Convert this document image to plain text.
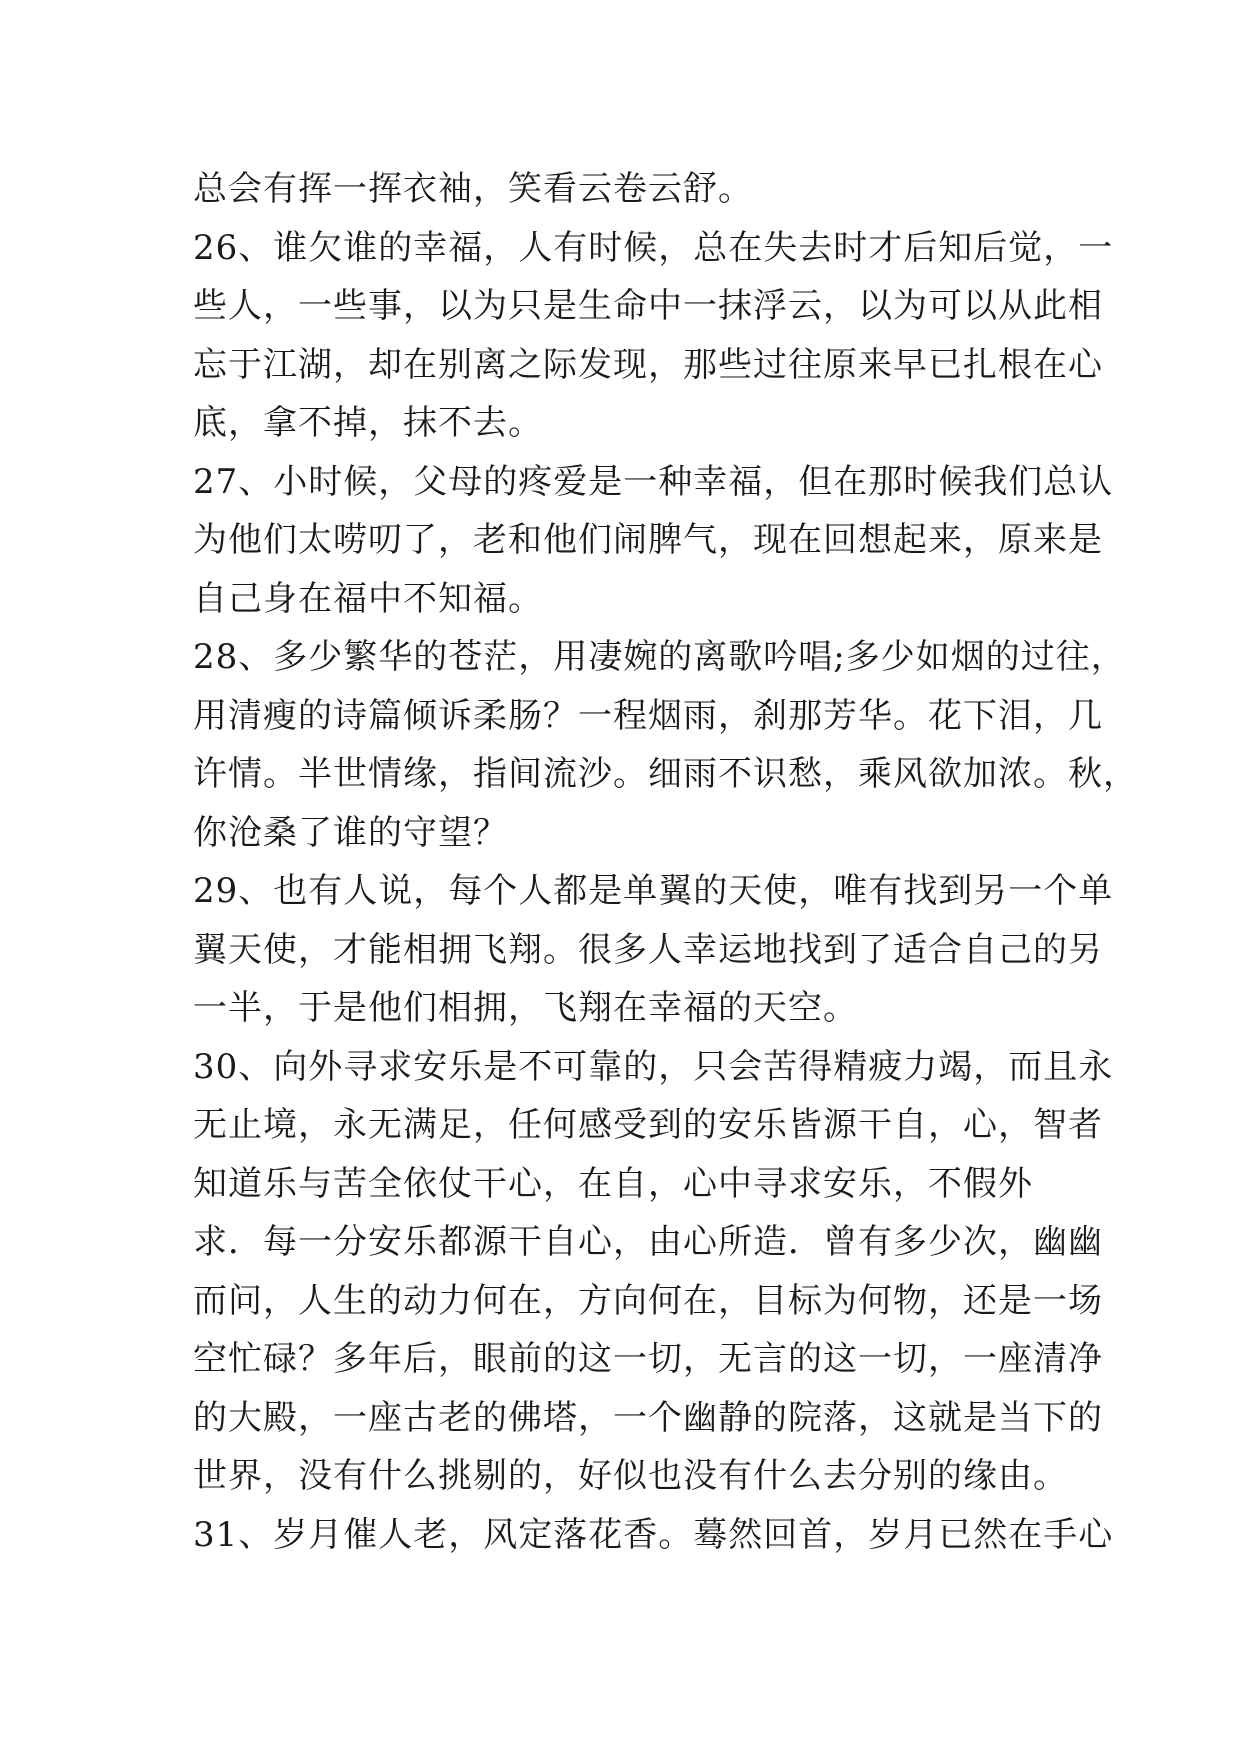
总会有挥一挥衣袖，笑看云卷云舒。
26、谁欠谁的幸福，人有时候，总在失去时才后知后觉，一
些人，一些事，以为只是生命中一抹浮云，以为可以从此相
忘于江湖，却在别离之际发现，那些过往原来早已扎根在心
底，拿不掉，抹不去。
27、小时候，父母的疼爱是一种幸福，但在那时候我们总认
为他们太唠叨了，老和他们闹脾气，现在回想起来，原来是
自己身在福中不知福。
28、多少繁华的苍茫，用凄婉的离歌吟唱;多少如烟的过往，
用清瘦的诗篇倾诉柔肠？一程烟雨，刹那芳华。花下泪，几
许情。半世情缘，指间流沙。细雨不识愁，乘风欲加浓。秋，
你沧桑了谁的守望？
29、也有人说，每个人都是单翼的天使，唯有找到另一个单
翼天使，才能相拥飞翔。很多人幸运地找到了适合自己的另
一半，于是他们相拥，飞翔在幸福的天空。
30、向外寻求安乐是不可靠的，只会苦得精疲力竭，而且永
无止境，永无满足，任何感受到的安乐皆源干自，心，智者
知道乐与苦全依仗干心，在自，心中寻求安乐，不假外
求．每一分安乐都源干自心，由心所造．曾有多少次，幽幽
而问，人生的动力何在，方向何在，目标为何物，还是一场
空忙碌？多年后，眼前的这一切，无言的这一切，一座清净
的大殿，一座古老的佛塔，一个幽静的院落，这就是当下的
世界，没有什么挑剔的，好似也没有什么去分别的缘由。
31、岁月催人老，风定落花香。蓦然回首，岁月已然在手心
